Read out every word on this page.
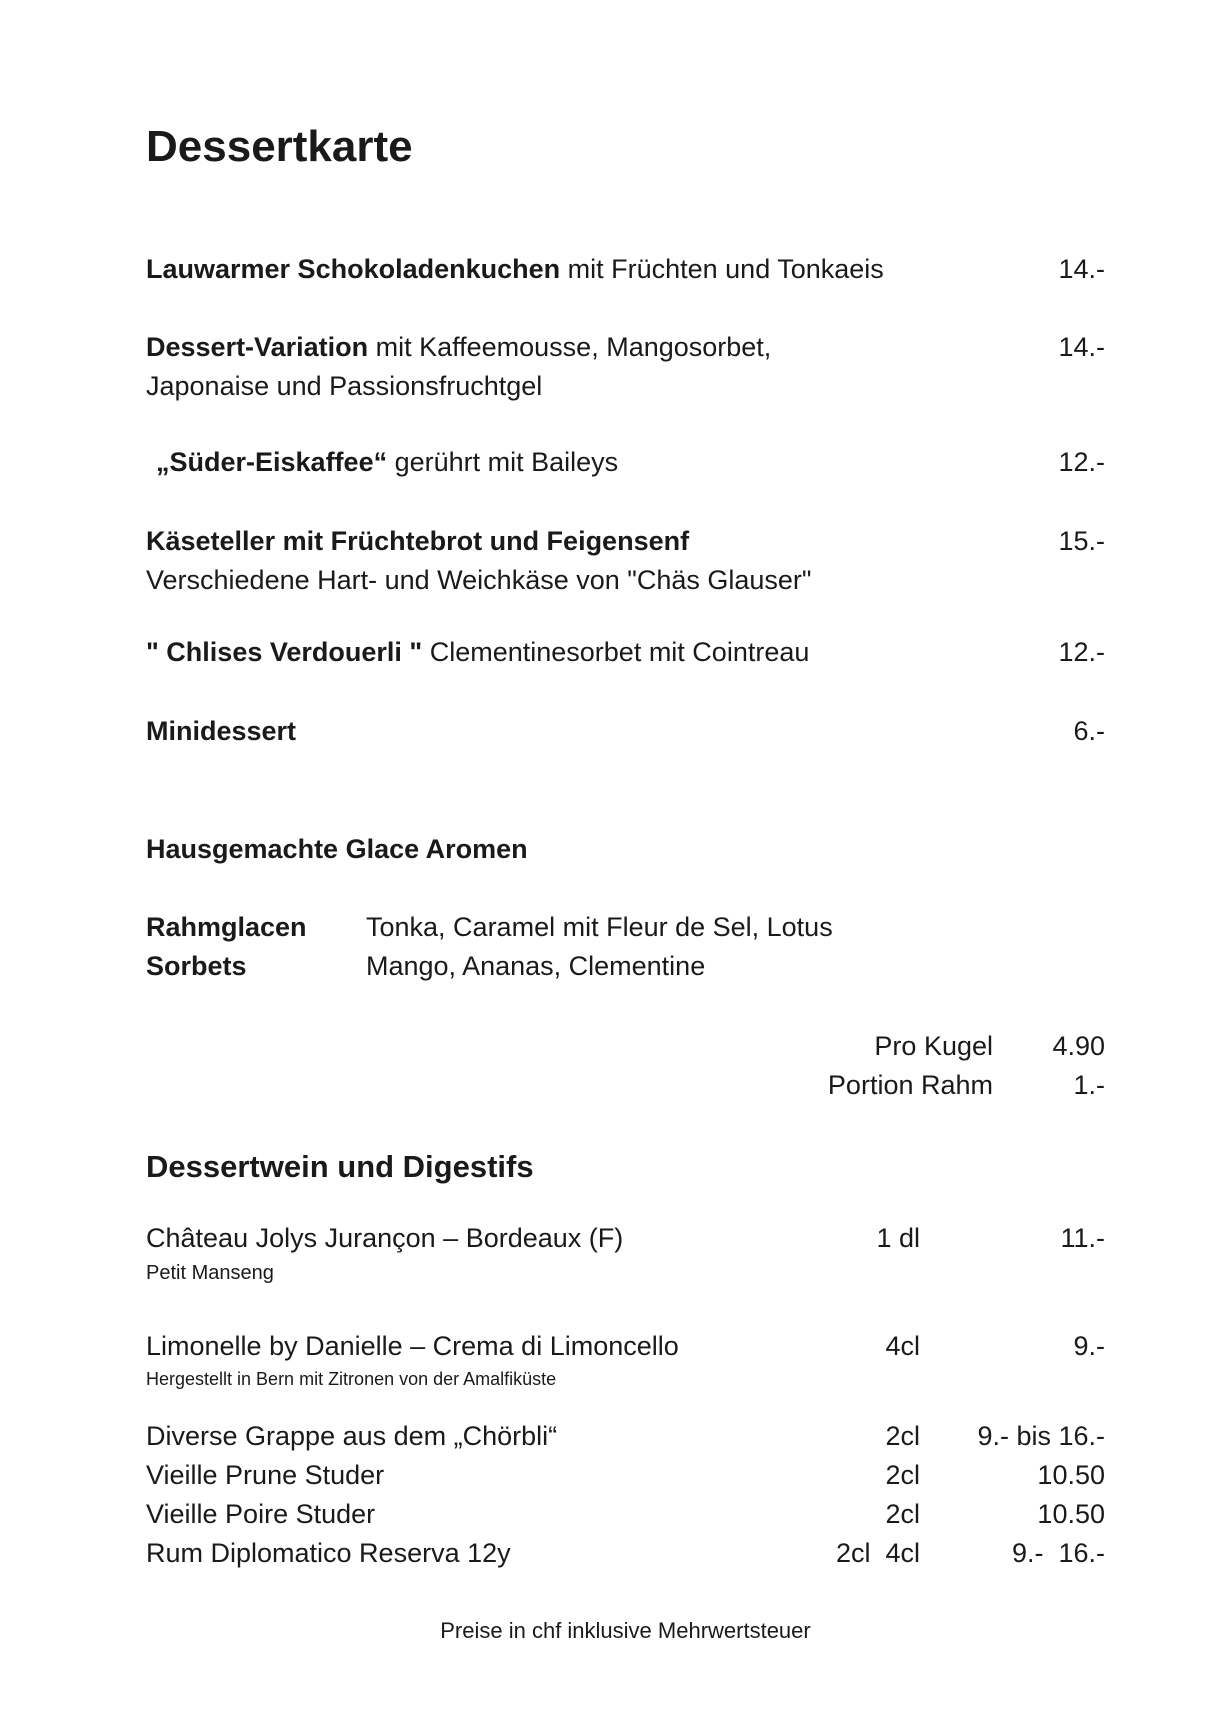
Dessertkarte
Lauwarmer Schokoladenkuchen mit Früchten und Tonkaeis	14.-
Dessert-Variation mit Kaffeemousse, Mangosorbet,	14.-
Japonaise und Passionsfruchtgel
„Süder-Eiskaffee“ gerührt mit Baileys	12.-
Käseteller mit Früchtebrot und Feigensenf	15.-
Verschiedene Hart- und Weichkäse von "Chäs Glauser"
" Chlises Verdouerli " Clementinesorbet mit Cointreau	12.-
Minidessert	6.-
Hausgemachte Glace Aromen
Rahmglacen	Tonka, Caramel mit Fleur de Sel, Lotus
Sorbets	Mango, Ananas, Clementine
Pro Kugel	4.90
Portion Rahm	1.-
Dessertwein und Digestifs
Château Jolys Jurançon – Bordeaux (F)	1 dl	11.-
Petit Manseng
Limonelle by Danielle – Crema di Limoncello	4cl	9.-
Hergestellt in Bern mit Zitronen von der Amalfiküste
Diverse Grappe aus dem „Chörbli“	2cl	9.- bis 16.-
Vieille Prune Studer	2cl	10.50
Vieille Poire Studer	2cl	10.50
Rum Diplomatico Reserva 12y	2cl  4cl	9.-  16.-
Preise in chf inklusive Mehrwertsteuer
